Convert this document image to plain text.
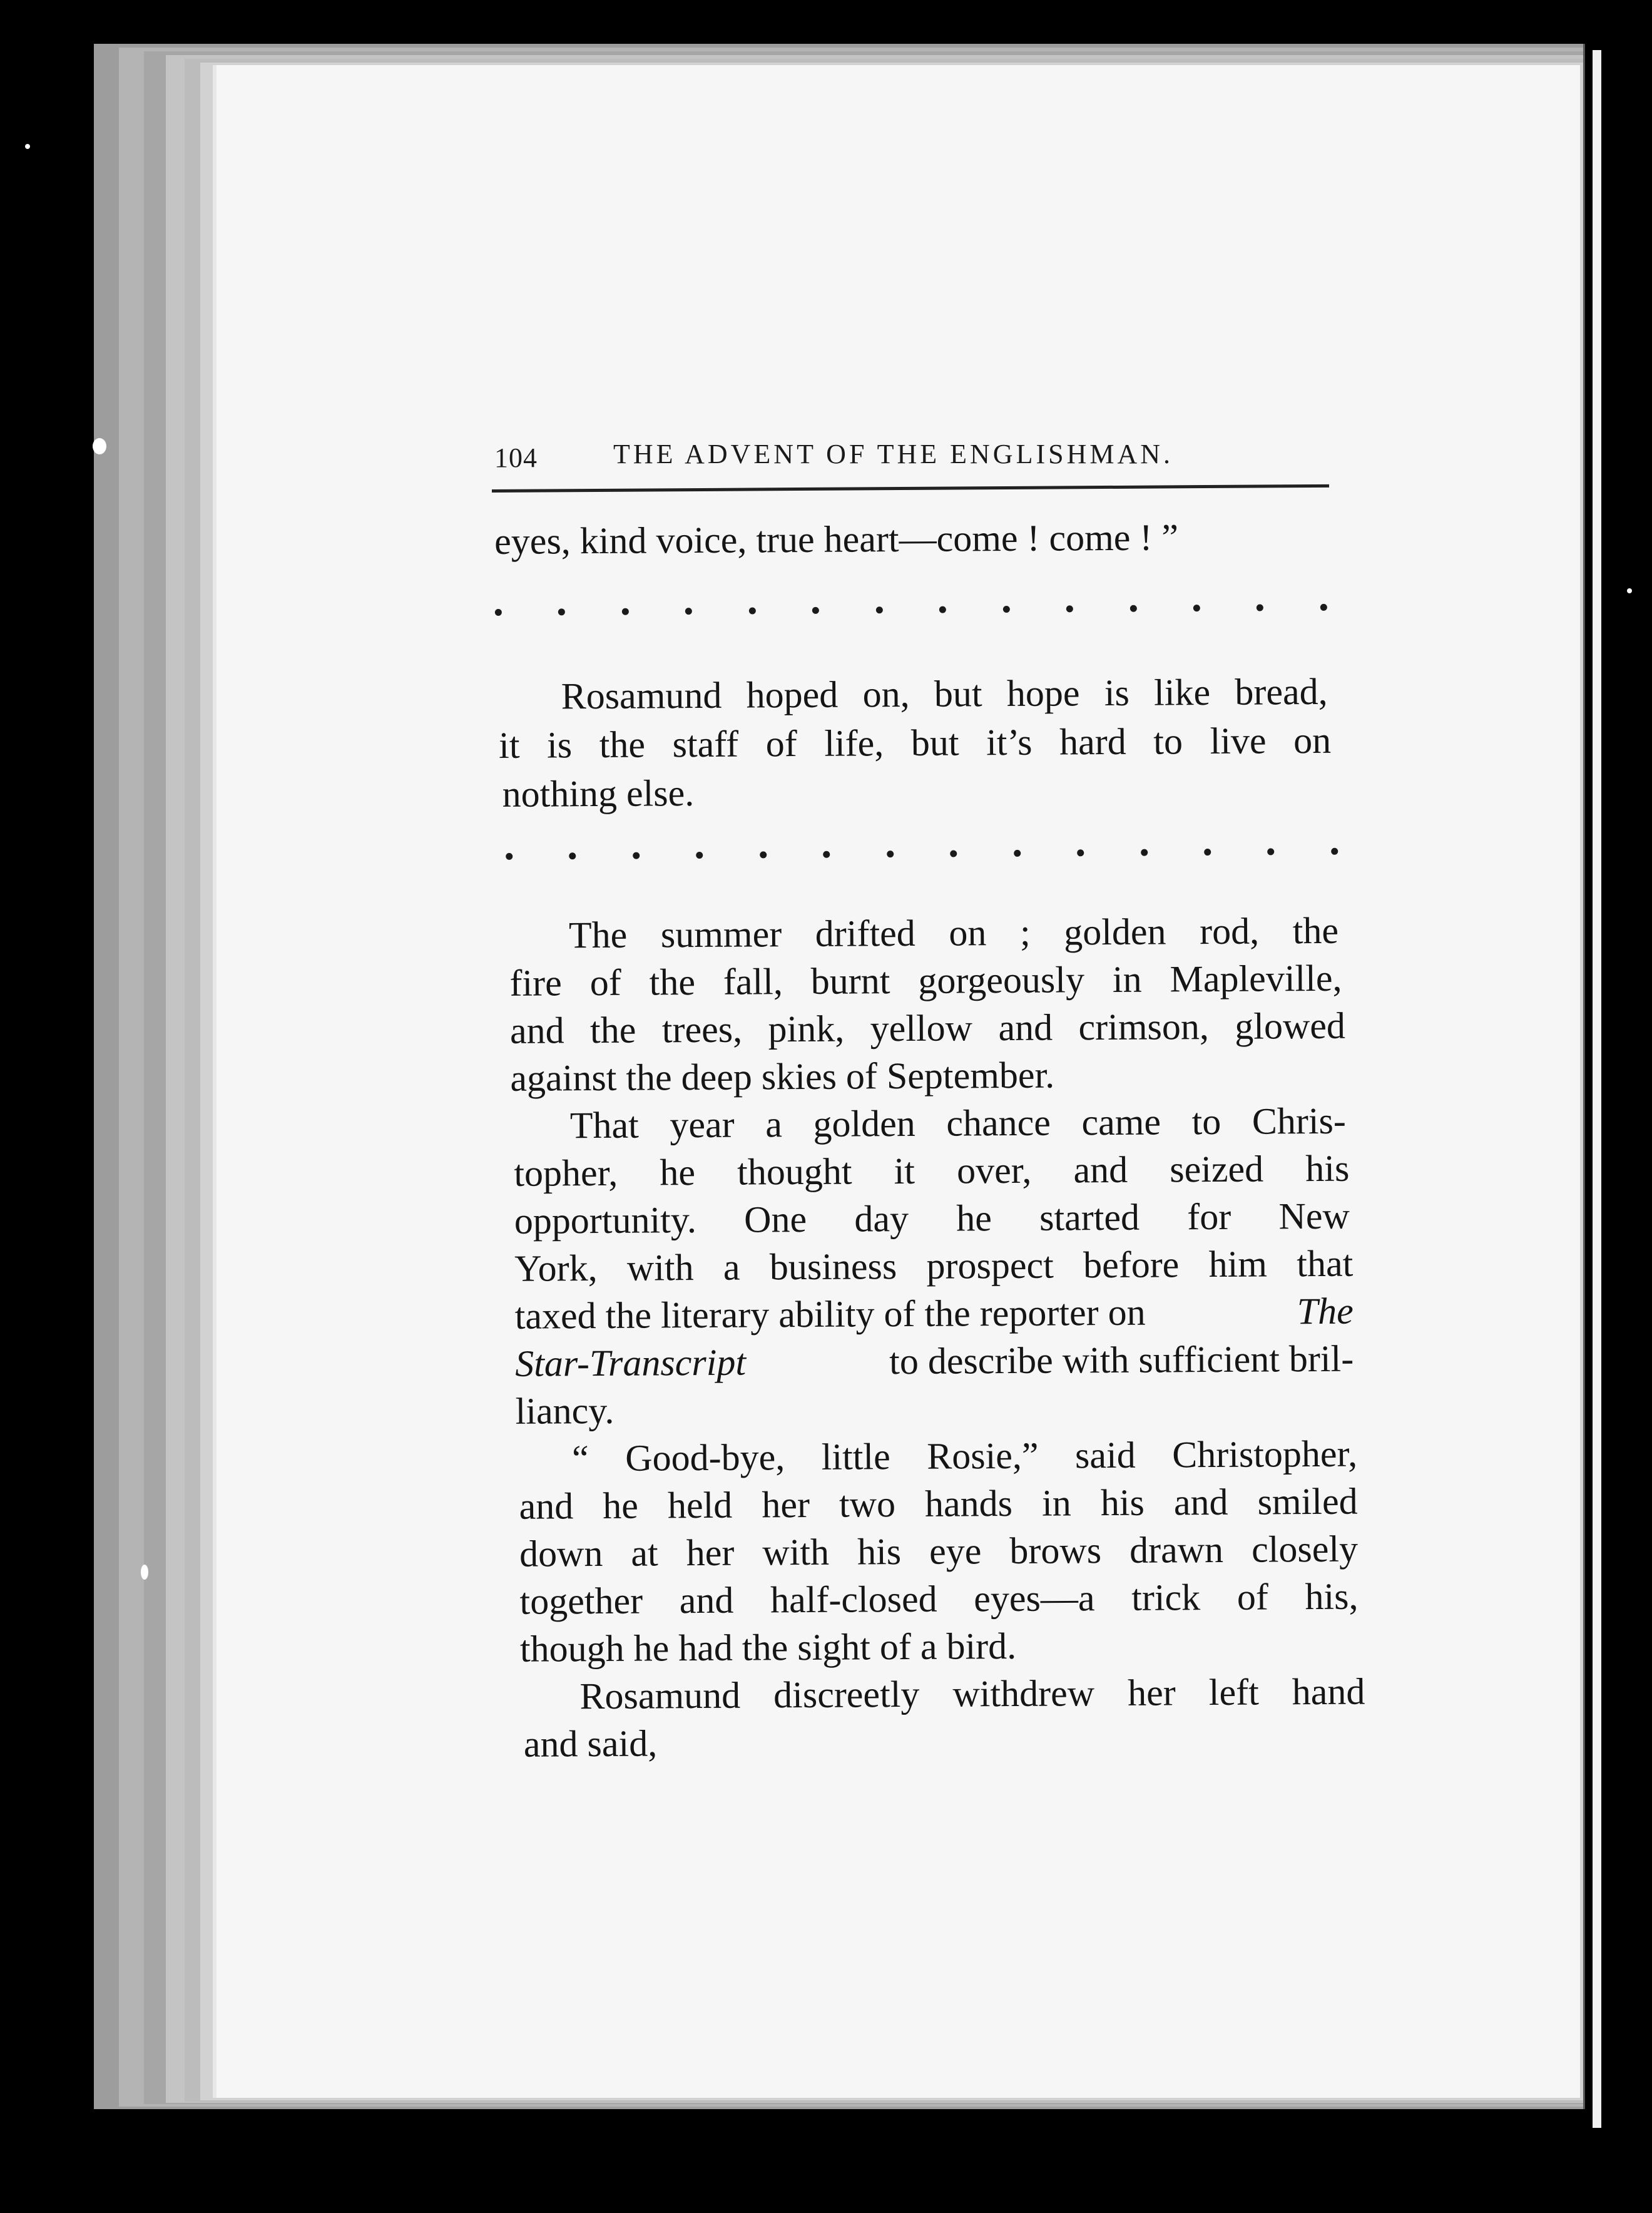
104	THE ADVENT OF THE ENGLISHMAN.
eyes, kind voice, true heart—come ! come ! ”
Rosamund hoped on, but hope is like bread,
it is the staff of life, but it’s hard to live on
nothing else.
The summer drifted on ; golden rod, the
fire of the fall, burnt gorgeously in Mapleville,
and the trees, pink, yellow and crimson, glowed
against the deep skies of September.
That year a golden chance came to Chris-
topher, he thought it over, and seized his
opportunity. One day he started for New
York, with a business prospect before him that
taxed the literary ability of the reporter on	The
Star-Transcript	to describe with sufficient bril-
liancy.
“ Good-bye, little Rosie,” said Christopher,
and he held her two hands in his and smiled
down at her with his eye brows drawn closely
together and half-closed eyes—a trick of his,
though he had the sight of a bird.
Rosamund discreetly withdrew her left hand
and said,
